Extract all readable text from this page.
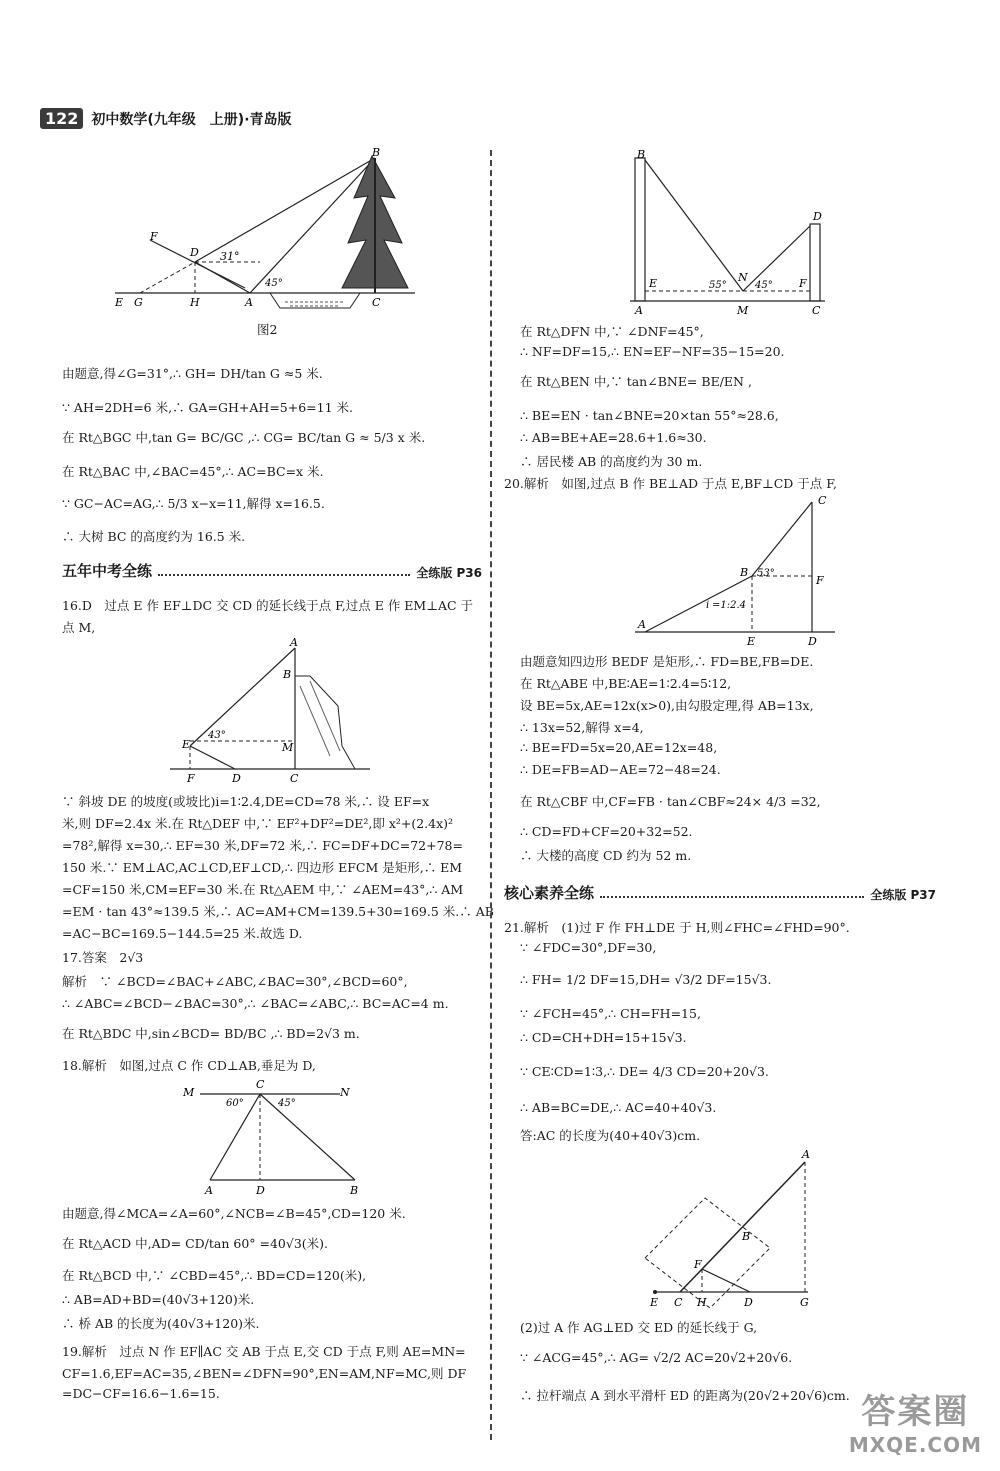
122 初中数学(九年级　上册)·青岛版
B
F
D 31°
45°
E G	H	A	C
图2
由题意,得∠G=31°,∴ GH= DH/tan G ≈5 米.
∵ AH=2DH=6 米,∴ GA=GH+AH=5+6=11 米.
在 Rt△BGC 中,tan G= BC/GC ,∴ CG= BC/tan G ≈ 5/3 x 米.
在 Rt△BAC 中,∠BAC=45°,∴ AC=BC=x 米.
∵ GC−AC=AG,∴ 5/3 x−x=11,解得 x=16.5.
∴ 大树 BC 的高度约为 16.5 米.
五年中考全练	全练版 P36
16.D　过点 E 作 EF⊥DC 交 CD 的延长线于点 F,过点 E 作 EM⊥AC 于
点 M,
A
B
E
43°
M
F	D	C
∵ 斜坡 DE 的坡度(或坡比)i=1∶2.4,DE=CD=78 米,∴ 设 EF=x
米,则 DF=2.4x 米.在 Rt△DEF 中,∵ EF²+DF²=DE²,即 x²+(2.4x)²
=78²,解得 x=30,∴ EF=30 米,DF=72 米,∴ FC=DF+DC=72+78=
150 米.∵ EM⊥AC,AC⊥CD,EF⊥CD,∴ 四边形 EFCM 是矩形,∴ EM
=CF=150 米,CM=EF=30 米.在 Rt△AEM 中,∵ ∠AEM=43°,∴ AM
=EM · tan 43°≈139.5 米,∴ AC=AM+CM=139.5+30=169.5 米.∴ AB
=AC−BC=169.5−144.5=25 米.故选 D.
17.答案　2√3
解析　∵ ∠BCD=∠BAC+∠ABC,∠BAC=30°,∠BCD=60°,
∴ ∠ABC=∠BCD−∠BAC=30°,∴ ∠BAC=∠ABC,∴ BC=AC=4 m.
在 Rt△BDC 中,sin∠BCD= BD/BC ,∴ BD=2√3 m.
18.解析　如图,过点 C 作 CD⊥AB,垂足为 D,
M	N
C
60°	45°
A	D	B
由题意,得∠MCA=∠A=60°,∠NCB=∠B=45°,CD=120 米.
在 Rt△ACD 中,AD= CD/tan 60° =40√3(米).
在 Rt△BCD 中,∵ ∠CBD=45°,∴ BD=CD=120(米),
∴ AB=AD+BD=(40√3+120)米.
∴ 桥 AB 的长度为(40√3+120)米.
19.解析　过点 N 作 EF∥AC 交 AB 于点 E,交 CD 于点 F,则 AE=MN=
CF=1.6,EF=AC=35,∠BEN=∠DFN=90°,EN=AM,NF=MC,则 DF
=DC−CF=16.6−1.6=15.
B
D
E	55°
N
45° F
A	M	C
在 Rt△DFN 中,∵ ∠DNF=45°,
∴ NF=DF=15,∴ EN=EF−NF=35−15=20.
在 Rt△BEN 中,∵ tan∠BNE= BE/EN ,
∴ BE=EN · tan∠BNE=20×tan 55°≈28.6,
∴ AB=BE+AE=28.6+1.6≈30.
∴ 居民楼 AB 的高度约为 30 m.
20.解析　如图,过点 B 作 BE⊥AD 于点 E,BF⊥CD 于点 F,
C
B 53°
F
i =1:2.4
A
E	D
由题意知四边形 BEDF 是矩形,∴ FD=BE,FB=DE.
在 Rt△ABE 中,BE∶AE=1∶2.4=5∶12,
设 BE=5x,AE=12x(x>0),由勾股定理,得 AB=13x,
∴ 13x=52,解得 x=4,
∴ BE=FD=5x=20,AE=12x=48,
∴ DE=FB=AD−AE=72−48=24.
在 Rt△CBF 中,CF=FB · tan∠CBF≈24× 4/3 =32,
∴ CD=FD+CF=20+32=52.
∴ 大楼的高度 CD 约为 52 m.
核心素养全练	全练版 P37
21.解析　(1)过 F 作 FH⊥DE 于 H,则∠FHC=∠FHD=90°.
∵ ∠FDC=30°,DF=30,
∴ FH= 1/2 DF=15,DH= √3/2 DF=15√3.
∵ ∠FCH=45°,∴ CH=FH=15,
∴ CD=CH+DH=15+15√3.
∵ CE∶CD=1∶3,∴ DE= 4/3 CD=20+20√3.
∴ AB=BC=DE,∴ AC=40+40√3.
答:AC 的长度为(40+40√3)cm.
A
B
F
E C H	D	G
(2)过 A 作 AG⊥ED 交 ED 的延长线于 G,
∵ ∠ACG=45°,∴ AG= √2/2 AC=20√2+20√6.
∴ 拉杆端点 A 到水平滑杆 ED 的距离为(20√2+20√6)cm. 答案圈
MXQE.COM
